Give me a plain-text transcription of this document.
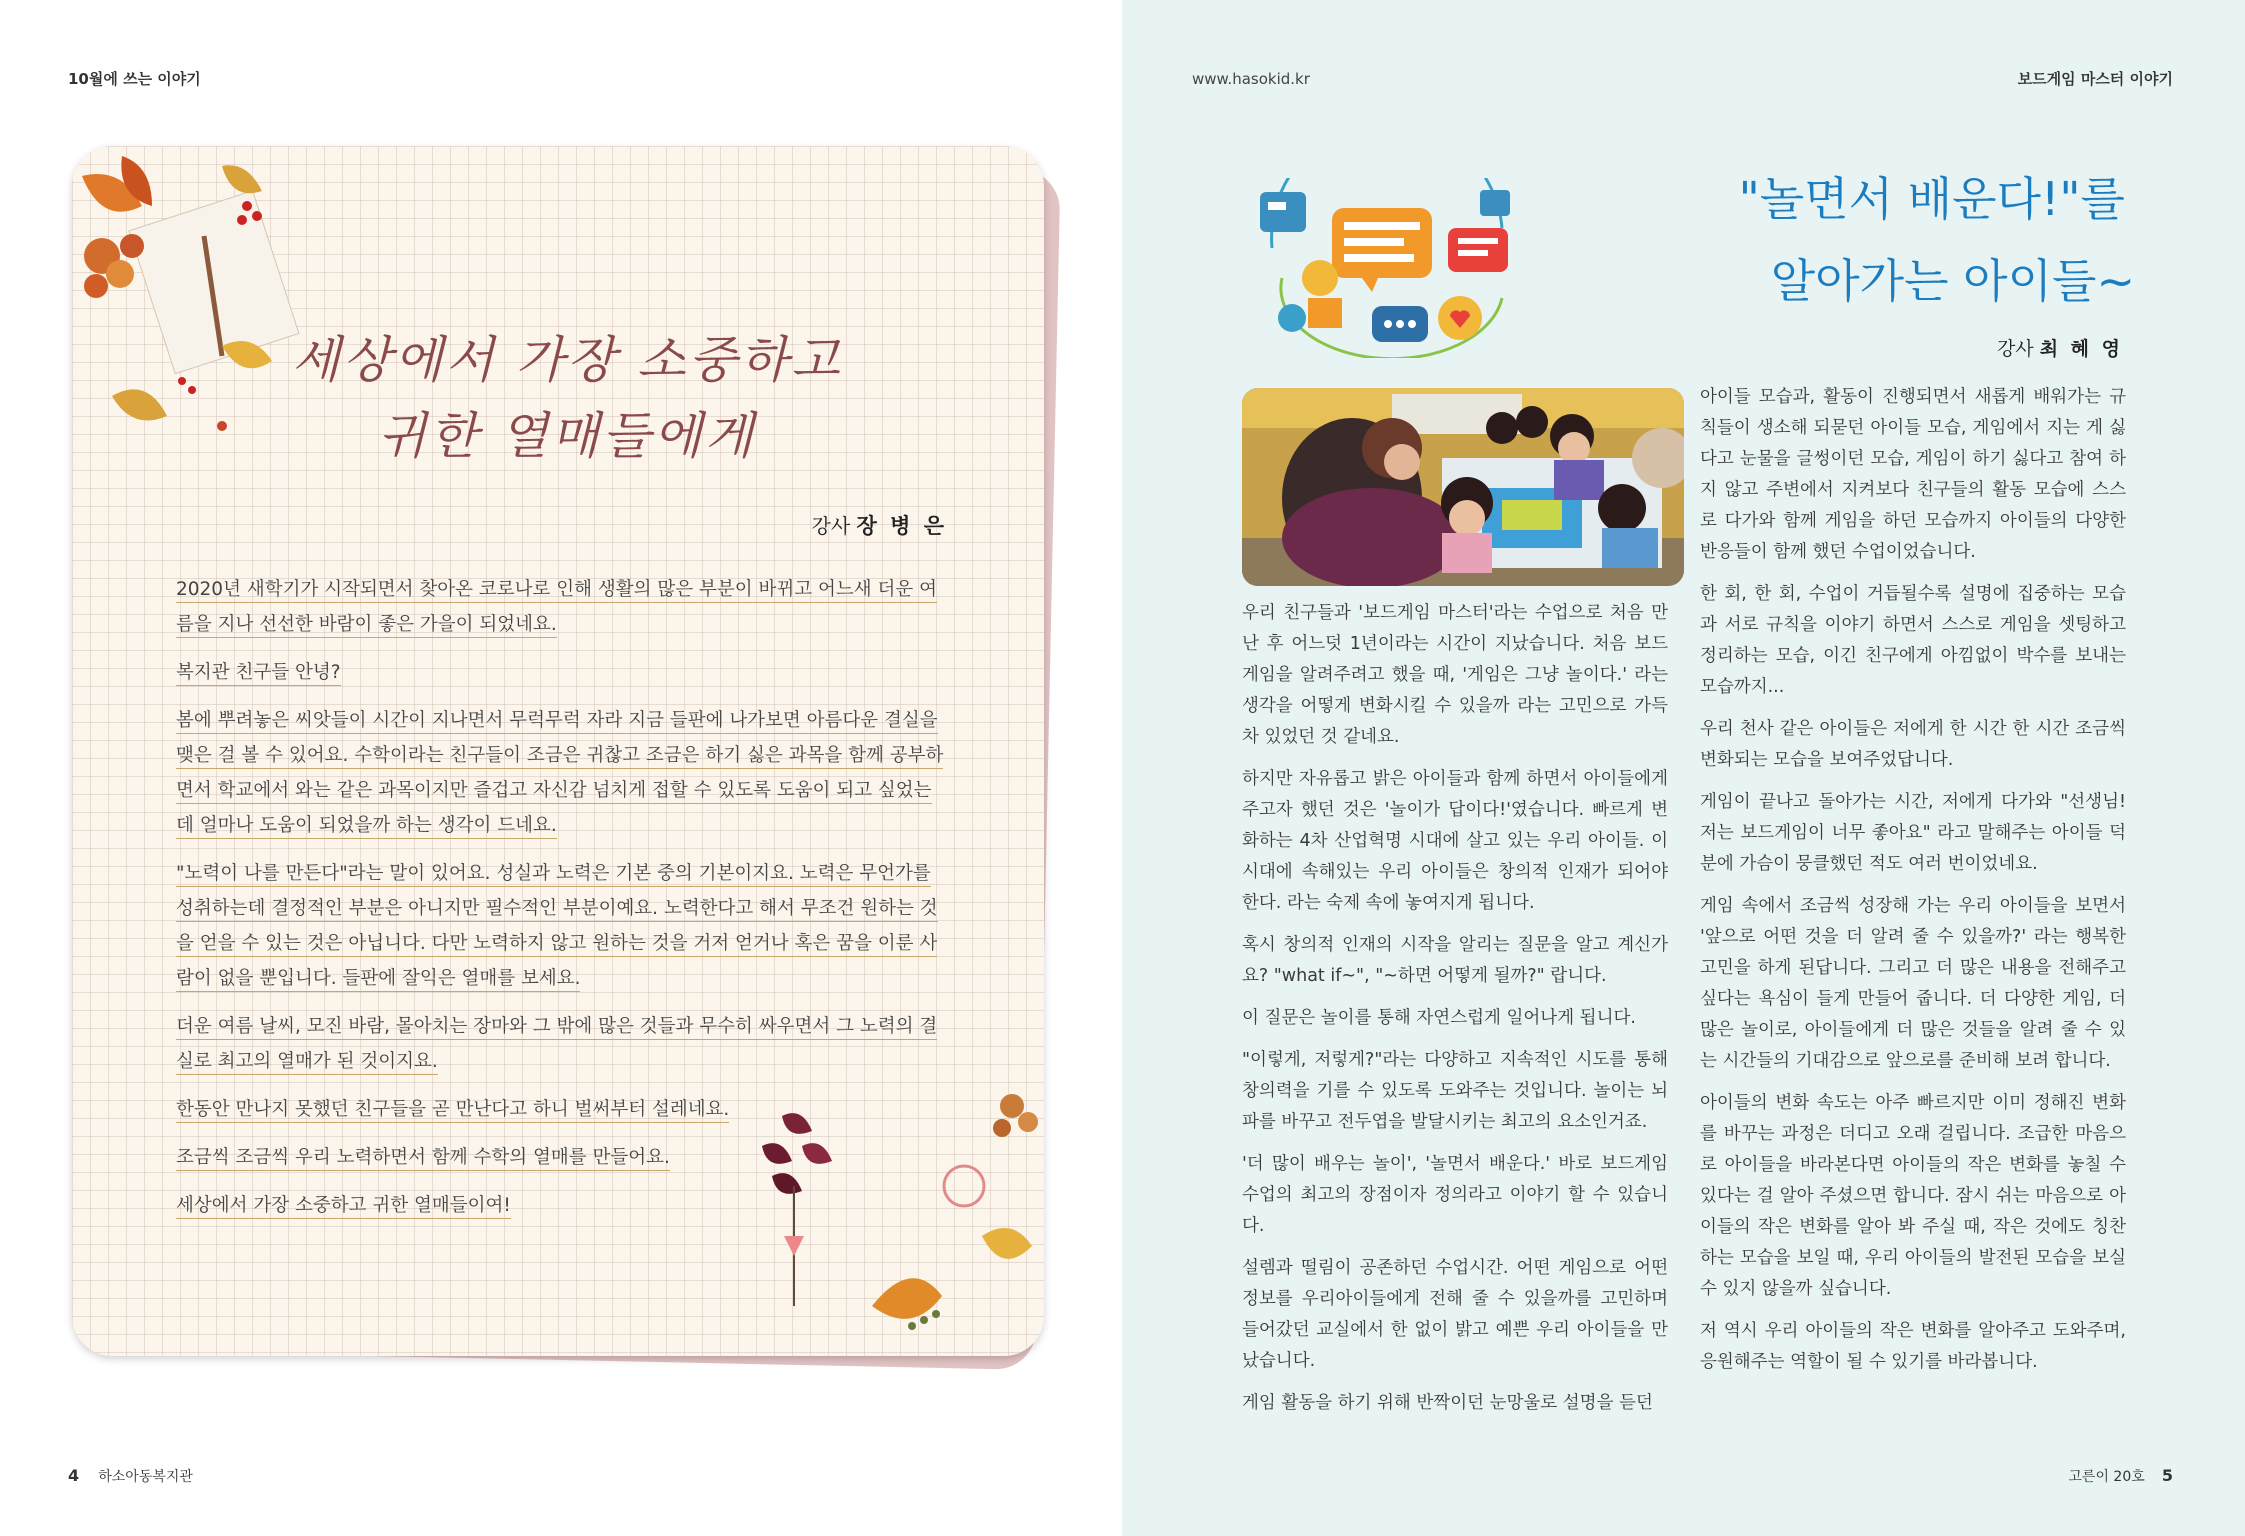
10월에 쓰는 이야기
세상에서 가장 소중하고
귀한 열매들에게
강사 장 병 은

2020년 새학기가 시작되면서 찾아온 코로나로 인해 생활의 많은 부분이 바뀌고 어느새 더운 여름을 지나 선선한 바람이 좋은 가을이 되었네요.

복지관 친구들 안녕?

봄에 뿌려놓은 씨앗들이 시간이 지나면서 무럭무럭 자라 지금 들판에 나가보면 아름다운 결실을 맺은 걸 볼 수 있어요. 수학이라는 친구들이 조금은 귀찮고 조금은 하기 싫은 과목을 함께 공부하면서 학교에서 와는 같은 과목이지만 즐겁고 자신감 넘치게 접할 수 있도록 도움이 되고 싶었는데 얼마나 도움이 되었을까 하는 생각이 드네요.

"노력이 나를 만든다"라는 말이 있어요. 성실과 노력은 기본 중의 기본이지요. 노력은 무언가를 성취하는데 결정적인 부분은 아니지만 필수적인 부분이예요. 노력한다고 해서 무조건 원하는 것을 얻을 수 있는 것은 아닙니다. 다만 노력하지 않고 원하는 것을 거저 얻거나 혹은 꿈을 이룬 사람이 없을 뿐입니다. 들판에 잘익은 열매를 보세요.

더운 여름 날씨, 모진 바람, 몰아치는 장마와 그 밖에 많은 것들과 무수히 싸우면서 그 노력의 결실로 최고의 열매가 된 것이지요.

한동안 만나지 못했던 친구들을 곧 만난다고 하니 벌써부터 설레네요.

조금씩 조금씩 우리 노력하면서 함께 수학의 열매를 만들어요.

세상에서 가장 소중하고 귀한 열매들이여!

4 하소아동복지관
www.hasokid.kr	보드게임 마스터 이야기
"놀면서 배운다!"를
알아가는 아이들~
강사 최 혜 영

우리 친구들과 '보드게임 마스터'라는 수업으로 처음 만난 후 어느덧 1년이라는 시간이 지났습니다. 처음 보드게임을 알려주려고 했을 때, '게임은 그냥 놀이다.' 라는 생각을 어떻게 변화시킬 수 있을까 라는 고민으로 가득 차 있었던 것 같네요.

하지만 자유롭고 밝은 아이들과 함께 하면서 아이들에게 주고자 했던 것은 '놀이가 답이다!'였습니다. 빠르게 변화하는 4차 산업혁명 시대에 살고 있는 우리 아이들. 이 시대에 속해있는 우리 아이들은 창의적 인재가 되어야 한다. 라는 숙제 속에 놓여지게 됩니다.

혹시 창의적 인재의 시작을 알리는 질문을 알고 계신가요? "what if~", "~하면 어떻게 될까?" 랍니다.

이 질문은 놀이를 통해 자연스럽게 일어나게 됩니다.

"이렇게, 저렇게?"라는 다양하고 지속적인 시도를 통해 창의력을 기를 수 있도록 도와주는 것입니다. 놀이는 뇌파를 바꾸고 전두엽을 발달시키는 최고의 요소인거죠.

'더 많이 배우는 놀이', '놀면서 배운다.' 바로 보드게임 수업의 최고의 장점이자 정의라고 이야기 할 수 있습니다.

설렘과 떨림이 공존하던 수업시간. 어떤 게임으로 어떤 정보를 우리아이들에게 전해 줄 수 있을까를 고민하며 들어갔던 교실에서 한 없이 밝고 예쁜 우리 아이들을 만났습니다.

게임 활동을 하기 위해 반짝이던 눈망울로 설명을 듣던

아이들 모습과, 활동이 진행되면서 새롭게 배워가는 규칙들이 생소해 되묻던 아이들 모습, 게임에서 지는 게 싫다고 눈물을 글썽이던 모습, 게임이 하기 싫다고 참여 하지 않고 주변에서 지켜보다 친구들의 활동 모습에 스스로 다가와 함께 게임을 하던 모습까지 아이들의 다양한 반응들이 함께 했던 수업이었습니다.

한 회, 한 회, 수업이 거듭될수록 설명에 집중하는 모습과 서로 규칙을 이야기 하면서 스스로 게임을 셋팅하고 정리하는 모습, 이긴 친구에게 아낌없이 박수를 보내는 모습까지...

우리 천사 같은 아이들은 저에게 한 시간 한 시간 조금씩 변화되는 모습을 보여주었답니다.

게임이 끝나고 돌아가는 시간, 저에게 다가와 "선생님! 저는 보드게임이 너무 좋아요" 라고 말해주는 아이들 덕분에 가슴이 뭉클했던 적도 여러 번이었네요.

게임 속에서 조금씩 성장해 가는 우리 아이들을 보면서 '앞으로 어떤 것을 더 알려 줄 수 있을까?' 라는 행복한 고민을 하게 된답니다. 그리고 더 많은 내용을 전해주고 싶다는 욕심이 들게 만들어 줍니다. 더 다양한 게임, 더 많은 놀이로, 아이들에게 더 많은 것들을 알려 줄 수 있는 시간들의 기대감으로 앞으로를 준비해 보려 합니다.

아이들의 변화 속도는 아주 빠르지만 이미 정해진 변화를 바꾸는 과정은 더디고 오래 걸립니다. 조급한 마음으로 아이들을 바라본다면 아이들의 작은 변화를 놓칠 수 있다는 걸 알아 주셨으면 합니다. 잠시 쉬는 마음으로 아이들의 작은 변화를 알아 봐 주실 때, 작은 것에도 칭찬하는 모습을 보일 때, 우리 아이들의 발전된 모습을 보실 수 있지 않을까 싶습니다.

저 역시 우리 아이들의 작은 변화를 알아주고 도와주며, 응원해주는 역할이 될 수 있기를 바라봅니다.

고른이 20호 5
